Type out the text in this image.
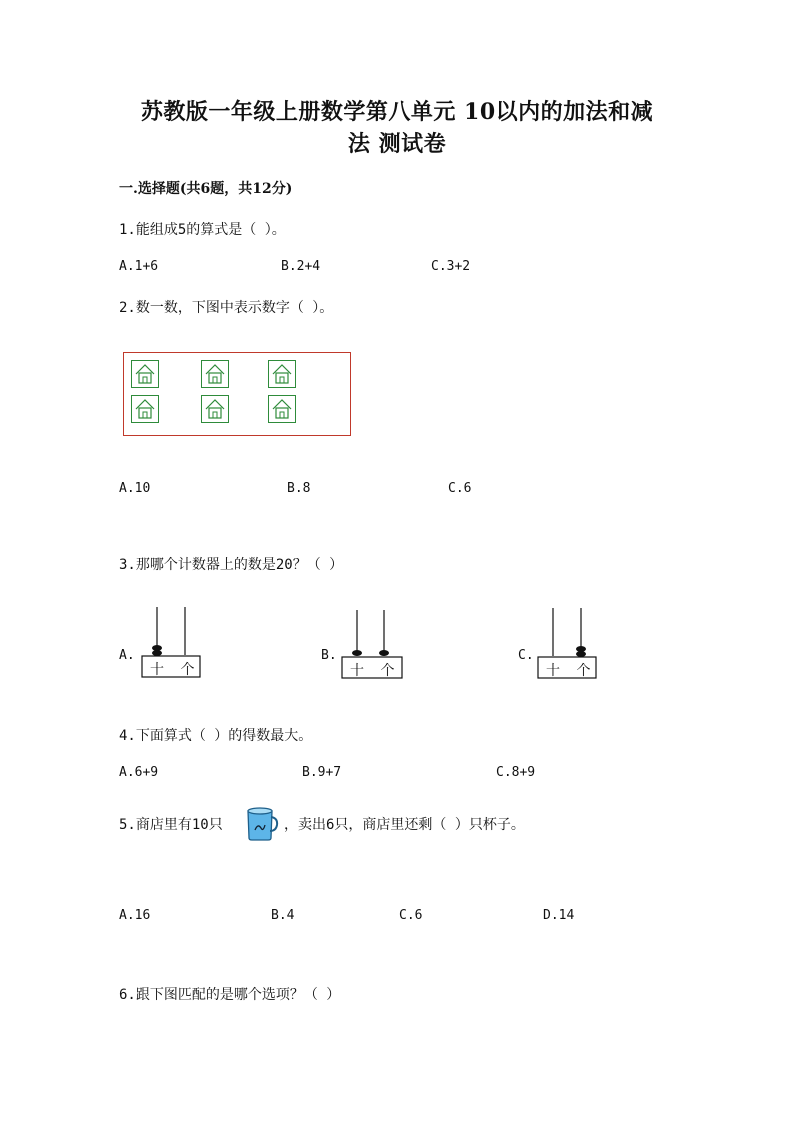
苏教版一年级上册数学第八单元 10以内的加法和减
法 测试卷
一.选择题(共6题，共12分)
1.能组成5的算式是（ ）。
A.1+6	B.2+4	C.3+2
2.数一数，下图中表示数字（ ）。
A.10	B.8	C.6
3.那哪个计数器上的数是20？（ ）
A.
十 个
B.
十 个
C.
十 个
4.下面算式（ ）的得数最大。
A.6+9	B.9+7	C.8+9
5.商店里有10只	，卖出6只，商店里还剩（ ）只杯子。
A.16	B.4	C.6	D.14
6.跟下图匹配的是哪个选项？（ ）
